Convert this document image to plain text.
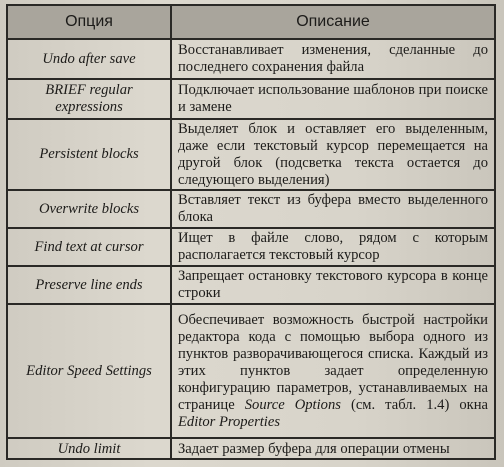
Опция	Описание
Undo after save	Восстанавливает изменения, сделанные до последнего сохранения файла
BRIEF regular expressions	Подключает использование шаблонов при поиске и замене
Persistent blocks	Выделяет блок и оставляет его выделенным, даже если текстовый курсор перемещается на другой блок (подсветка текста остается до следующего выделения)
Overwrite blocks	Вставляет текст из буфера вместо выделенного блока
Find text at cursor	Ищет в файле слово, рядом с которым располагается текстовый курсор
Preserve line ends	Запрещает остановку текстового курсора в конце строки
Editor Speed Settings	Обеспечивает возможность быстрой настройки редактора кода с помощью выбора одного из пунктов разворачивающегося списка. Каждый из этих пунктов задает определенную конфигурацию параметров, устанавливаемых на странице Source Options (см. табл. 1.4) окна Editor Properties
Undo limit	Задает размер буфера для операции отмены
